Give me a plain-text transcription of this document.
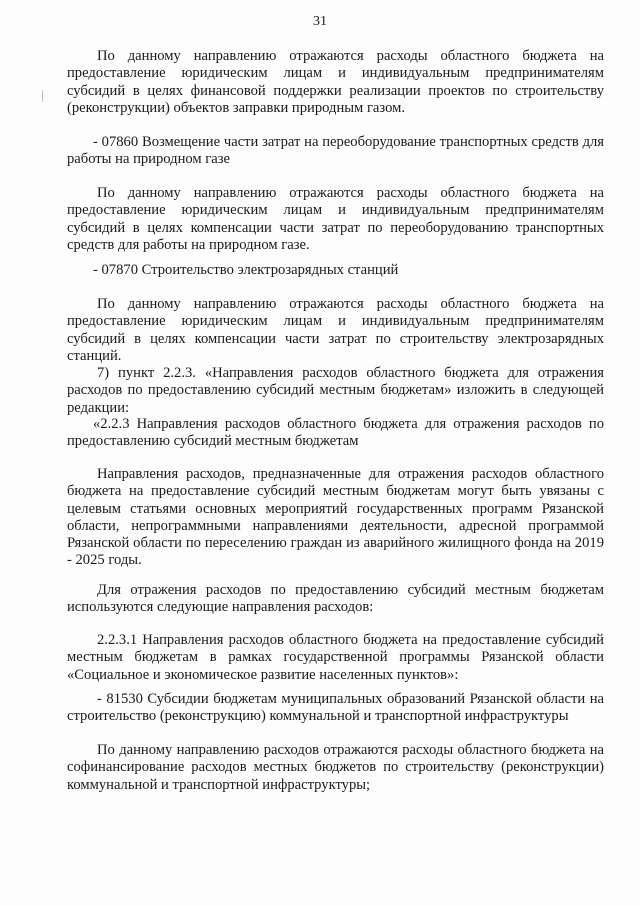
31
По данному направлению отражаются расходы областного бюджета на предоставление юридическим лицам и индивидуальным предпринимателям субсидий в целях финансовой поддержки реализации проектов по строительству (реконструкции) объектов заправки природным газом.
- 07860 Возмещение части затрат на переоборудование транспортных средств для работы на природном газе
По данному направлению отражаются расходы областного бюджета на предоставление юридическим лицам и индивидуальным предпринимателям субсидий в целях компенсации части затрат по переоборудованию транспортных средств для работы на природном газе.
- 07870 Строительство электрозарядных станций
По данному направлению отражаются расходы областного бюджета на предоставление юридическим лицам и индивидуальным предпринимателям субсидий в целях компенсации части затрат по строительству электрозарядных станций.
7) пункт 2.2.3. «Направления расходов областного бюджета для отражения расходов по предоставлению субсидий местным бюджетам» изложить в следующей редакции:
«2.2.3 Направления расходов областного бюджета для отражения расходов по предоставлению субсидий местным бюджетам
Направления расходов, предназначенные для отражения расходов областного бюджета на предоставление субсидий местным бюджетам могут быть увязаны с целевым статьями основных мероприятий государственных программ Рязанской области, непрограммными направлениями деятельности, адресной программой Рязанской области по переселению граждан из аварийного жилищного фонда на 2019 - 2025 годы.
Для отражения расходов по предоставлению субсидий местным бюджетам используются следующие направления расходов:
2.2.3.1 Направления расходов областного бюджета на предоставление субсидий местным бюджетам в рамках государственной программы Рязанской области «Социальное и экономическое развитие населенных пунктов»:
- 81530 Субсидии бюджетам муниципальных образований Рязанской области на строительство (реконструкцию) коммунальной и транспортной инфраструктуры
По данному направлению расходов отражаются расходы областного бюджета на софинансирование расходов местных бюджетов по строительству (реконструкции) коммунальной и транспортной инфраструктуры;
